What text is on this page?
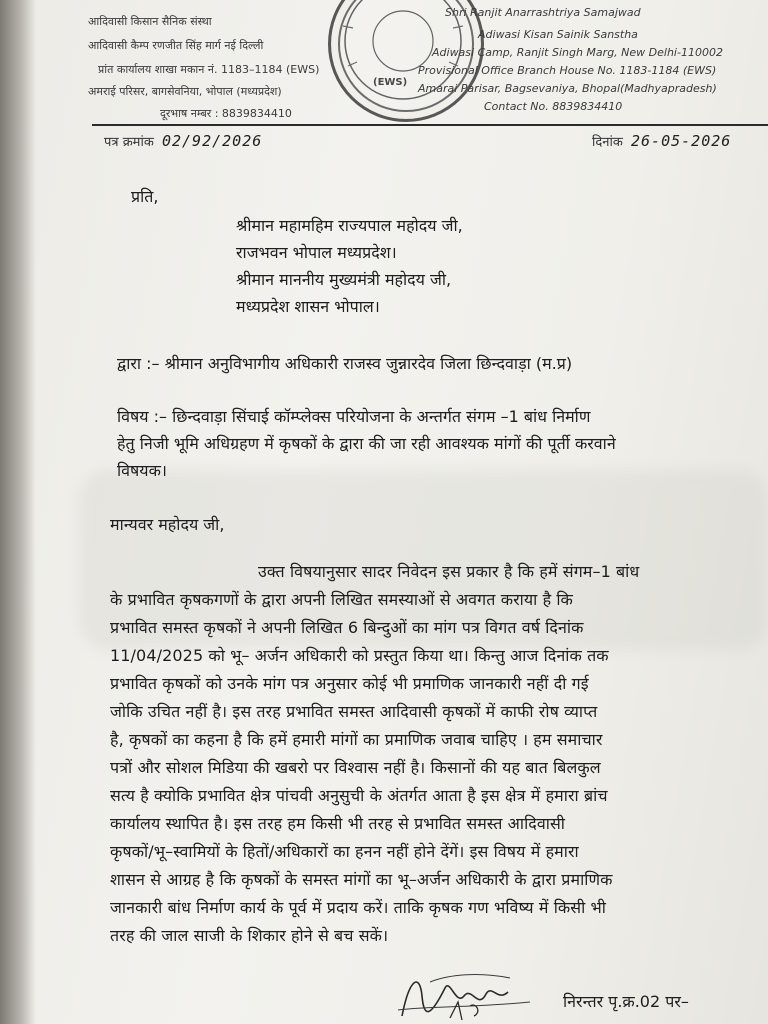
आदिवासी किसान सैनिक संस्था
आदिवासी कैम्प रणजीत सिंह मार्ग नई दिल्ली
प्रांत कार्यालय शाखा मकान नं. 1183–1184 (EWS)
अमराई परिसर, बागसेवनिया, भोपाल (मध्यप्रदेश)
दूरभाष नम्बर : 8839834410
(EWS)
Shri Ranjit Anarrashtriya Samajwad
Adiwasi Kisan Sainik Sanstha
Adiwasi Camp, Ranjit Singh Marg, New Delhi-110002
Provisional Office Branch House No. 1183-1184 (EWS)
Amarai Parisar, Bagsevaniya, Bhopal(Madhyapradesh)
Contact No. 8839834410
पत्र क्रमांक 02/92/2026	दिनांक 26-05-2026
प्रति,
श्रीमान महामहिम राज्यपाल महोदय जी,
राजभवन भोपाल मध्यप्रदेश।
श्रीमान माननीय मुख्यमंत्री महोदय जी,
मध्यप्रदेश शासन भोपाल।
द्वारा :– श्रीमान अनुविभागीय अधिकारी राजस्व जुन्नारदेव जिला छिन्दवाड़ा (म.प्र)
विषय :– छिन्दवाड़ा सिंचाई कॉम्प्लेक्स परियोजना के अन्तर्गत संगम –1 बांध निर्माण
हेतु निजी भूमि अधिग्रहण में कृषकों के द्वारा की जा रही आवश्यक मांगों की पूर्ती करवाने
विषयक।
मान्यवर महोदय जी,
उक्त विषयानुसार सादर निवेदन इस प्रकार है कि हमें संगम–1 बांध
के प्रभावित कृषकगणों के द्वारा अपनी लिखित समस्याओं से अवगत कराया है कि
प्रभावित समस्त कृषकों ने अपनी लिखित 6 बिन्दुओं का मांग पत्र विगत वर्ष दिनांक
11/04/2025 को भू– अर्जन अधिकारी को प्रस्तुत किया था। किन्तु आज दिनांक तक
प्रभावित कृषकों को उनके मांग पत्र अनुसार कोई भी प्रमाणिक जानकारी नहीं दी गई
जोकि उचित नहीं है। इस तरह प्रभावित समस्त आदिवासी कृषकों में काफी रोष व्याप्त
है, कृषकों का कहना है कि हमें हमारी मांगों का प्रमाणिक जवाब चाहिए । हम समाचार
पत्रों और सोशल मिडिया की खबरो पर विश्वास नहीं है। किसानों की यह बात बिलकुल
सत्य है क्योकि प्रभावित क्षेत्र पांचवी अनुसुची के अंतर्गत आता है इस क्षेत्र में हमारा ब्रांच
कार्यालय स्थापित है। इस तरह हम किसी भी तरह से प्रभावित समस्त आदिवासी
कृषकों/भू–स्वामियों के हितों/अधिकारों का हनन नहीं होने देंगें। इस विषय में हमारा
शासन से आग्रह है कि कृषकों के समस्त मांगों का भू–अर्जन अधिकारी के द्वारा प्रमाणिक
जानकारी बांध निर्माण कार्य के पूर्व में प्रदाय करें। ताकि कृषक गण भविष्य में किसी भी
तरह की जाल साजी के शिकार होने से बच सकें।
निरन्तर पृ.क्र.02 पर–
